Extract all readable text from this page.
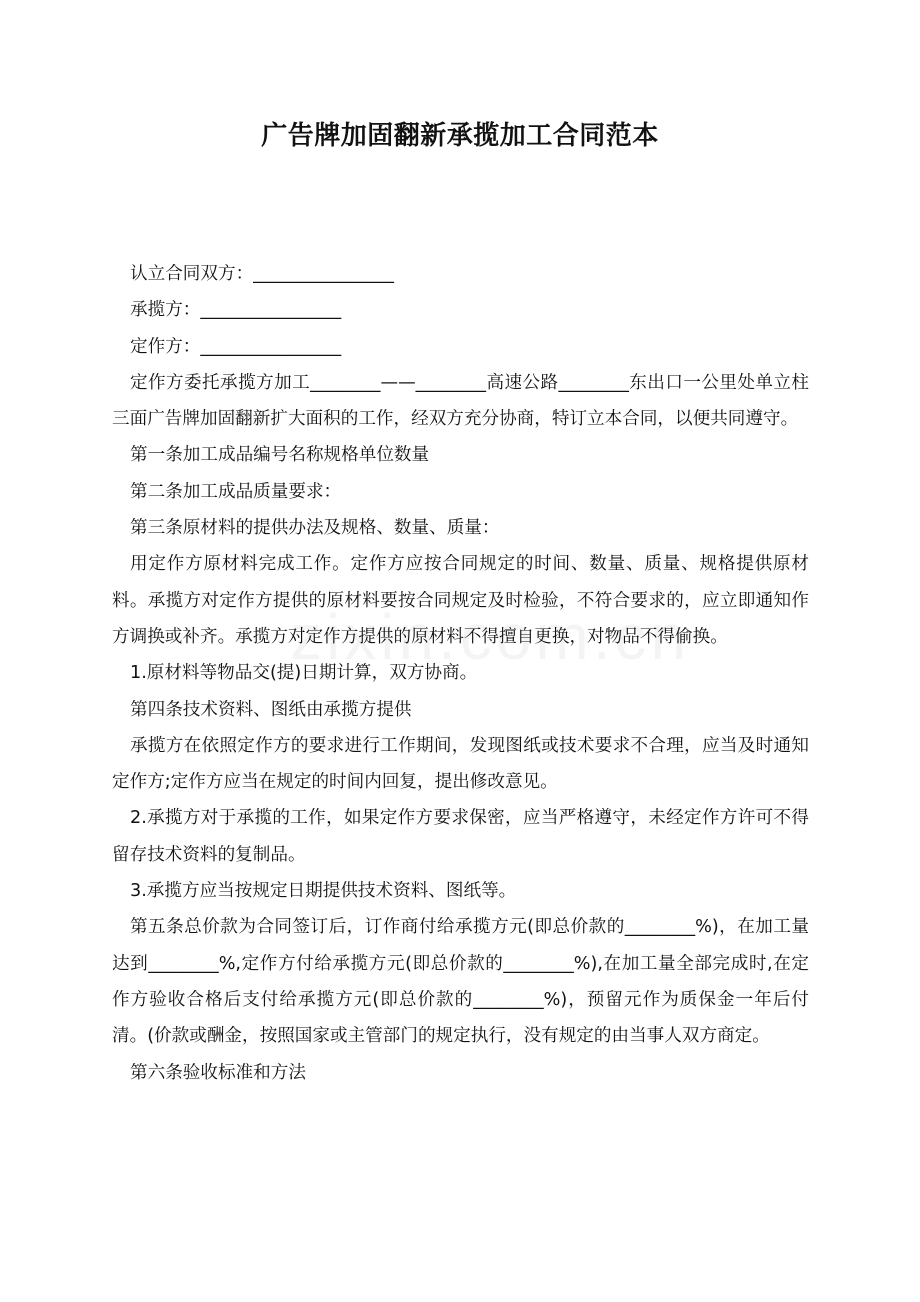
广告牌加固翻新承揽加工合同范本

认立合同双方：________________

承揽方：________________

定作方：________________

定作方委托承揽方加工________——________高速公路________东出口一公里处单立柱三面广告牌加固翻新扩大面积的工作，经双方充分协商，特订立本合同，以便共同遵守。

第一条加工成品编号名称规格单位数量

第二条加工成品质量要求：

第三条原材料的提供办法及规格、数量、质量：

用定作方原材料完成工作。定作方应按合同规定的时间、数量、质量、规格提供原材料。承揽方对定作方提供的原材料要按合同规定及时检验，不符合要求的，应立即通知作方调换或补齐。承揽方对定作方提供的原材料不得擅自更换，对物品不得偷换。

1.原材料等物品交(提)日期计算，双方协商。

第四条技术资料、图纸由承揽方提供

承揽方在依照定作方的要求进行工作期间，发现图纸或技术要求不合理，应当及时通知定作方;定作方应当在规定的时间内回复，提出修改意见。

2.承揽方对于承揽的工作，如果定作方要求保密，应当严格遵守，未经定作方许可不得留存技术资料的复制品。

3.承揽方应当按规定日期提供技术资料、图纸等。

第五条总价款为合同签订后，订作商付给承揽方元(即总价款的________%)，在加工量达到________%,定作方付给承揽方元(即总价款的________%),在加工量全部完成时,在定作方验收合格后支付给承揽方元(即总价款的________%)，预留元作为质保金一年后付清。(价款或酬金，按照国家或主管部门的规定执行，没有规定的由当事人双方商定。

第六条验收标准和方法
